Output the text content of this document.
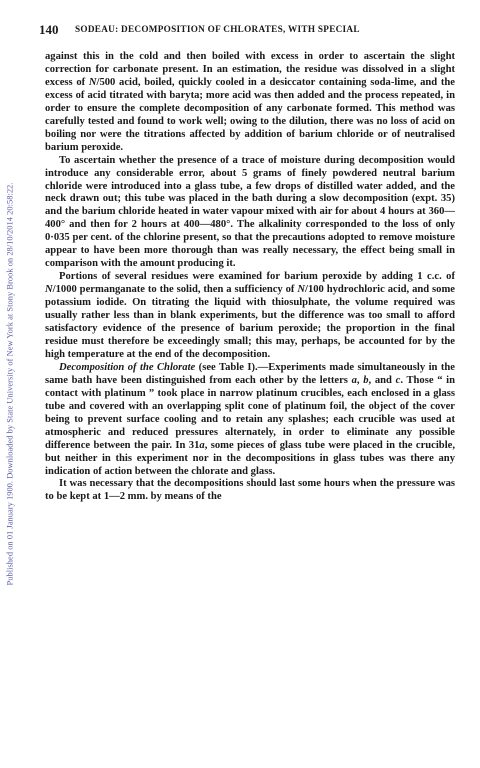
Published on 01 January 1900. Downloaded by State University of New York at Stony Brook on 28/10/2014 20:58:22.
140 SODEAU: DECOMPOSITION OF CHLORATES, WITH SPECIAL

against this in the cold and then boiled with excess in order to ascertain the slight correction for carbonate present. In an estimation, the residue was dissolved in a slight excess of N/500 acid, boiled, quickly cooled in a desiccator containing soda-lime, and the excess of acid titrated with baryta; more acid was then added and the process repeated, in order to ensure the complete decomposition of any carbonate formed. This method was carefully tested and found to work well; owing to the dilution, there was no loss of acid on boiling nor were the titrations affected by addition of barium chloride or of neutralised barium peroxide.

To ascertain whether the presence of a trace of moisture during decomposition would introduce any considerable error, about 5 grams of finely powdered neutral barium chloride were introduced into a glass tube, a few drops of distilled water added, and the neck drawn out; this tube was placed in the bath during a slow decomposition (expt. 35) and the barium chloride heated in water vapour mixed with air for about 4 hours at 360—400° and then for 2 hours at 400—480°. The alkalinity corresponded to the loss of only 0·035 per cent. of the chlorine present, so that the precautions adopted to remove moisture appear to have been more thorough than was really necessary, the effect being small in comparison with the amount producing it.

Portions of several residues were examined for barium peroxide by adding 1 c.c. of N/1000 permanganate to the solid, then a sufficiency of N/100 hydrochloric acid, and some potassium iodide. On titrating the liquid with thiosulphate, the volume required was usually rather less than in blank experiments, but the difference was too small to afford satisfactory evidence of the presence of barium peroxide; the proportion in the final residue must therefore be exceedingly small; this may, perhaps, be accounted for by the high temperature at the end of the decomposition.

Decomposition of the Chlorate (see Table I).—Experiments made simultaneously in the same bath have been distinguished from each other by the letters a, b, and c. Those “ in contact with platinum ” took place in narrow platinum crucibles, each enclosed in a glass tube and covered with an overlapping split cone of platinum foil, the object of the cover being to prevent surface cooling and to retain any splashes; each crucible was used at atmospheric and reduced pressures alternately, in order to eliminate any possible difference between the pair. In 31a, some pieces of glass tube were placed in the crucible, but neither in this experiment nor in the decompositions in glass tubes was there any indication of action between the chlorate and glass.

It was necessary that the decompositions should last some hours when the pressure was to be kept at 1—2 mm. by means of the
